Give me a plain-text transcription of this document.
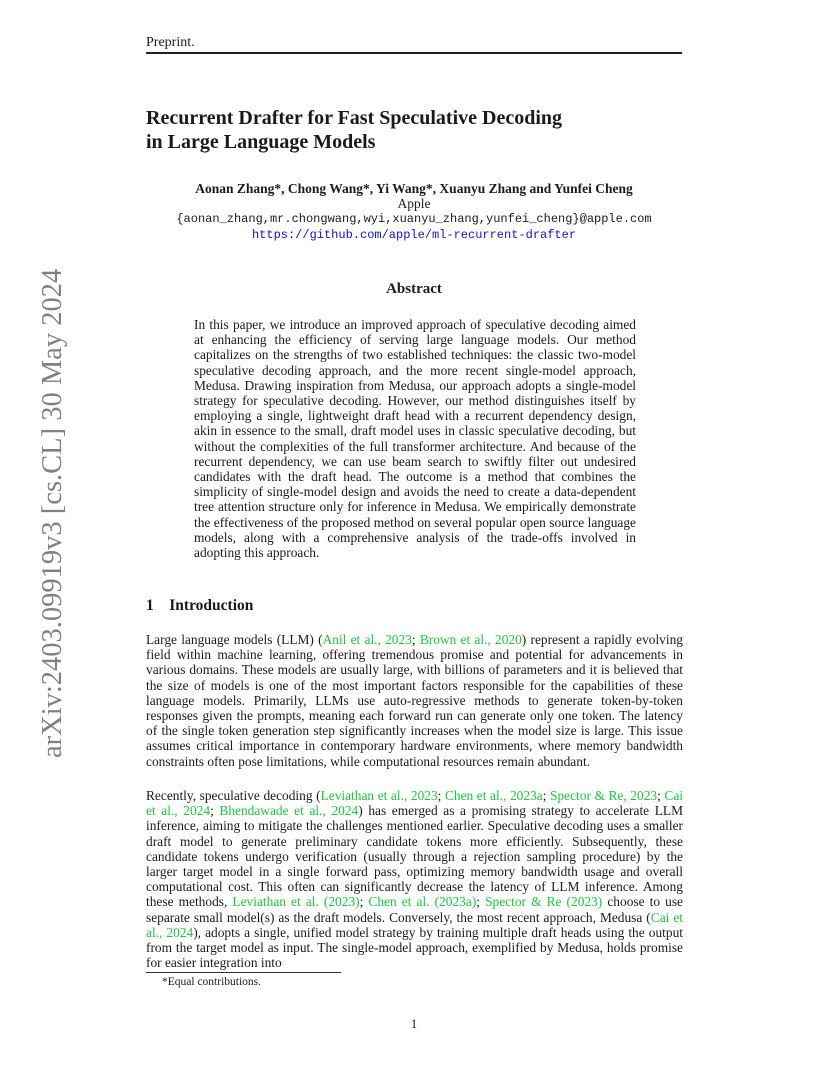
Preprint.
arXiv:2403.09919v3 [cs.CL] 30 May 2024
Recurrent Drafter for Fast Speculative Decoding
in Large Language Models
Aonan Zhang*, Chong Wang*, Yi Wang*, Xuanyu Zhang and Yunfei Cheng
Apple
{aonan_zhang,mr.chongwang,wyi,xuanyu_zhang,yunfei_cheng}@apple.com
https://github.com/apple/ml-recurrent-drafter
Abstract
In this paper, we introduce an improved approach of speculative decoding aimed at enhancing the efficiency of serving large language models. Our method capitalizes on the strengths of two established techniques: the classic two-model speculative decoding approach, and the more recent single-model approach, Medusa. Drawing inspiration from Medusa, our approach adopts a single-model strategy for speculative decoding. However, our method distinguishes itself by employing a single, lightweight draft head with a recurrent dependency design, akin in essence to the small, draft model uses in classic speculative decoding, but without the complexities of the full transformer architecture. And because of the recurrent dependency, we can use beam search to swiftly filter out undesired candidates with the draft head. The outcome is a method that combines the simplicity of single-model design and avoids the need to create a data-dependent tree attention structure only for inference in Medusa. We empirically demonstrate the effectiveness of the proposed method on several popular open source language models, along with a comprehensive analysis of the trade-offs involved in adopting this approach.
1 Introduction
Large language models (LLM) (Anil et al., 2023; Brown et al., 2020) represent a rapidly evolving field within machine learning, offering tremendous promise and potential for advancements in various domains. These models are usually large, with billions of parameters and it is believed that the size of models is one of the most important factors responsible for the capabilities of these language models. Primarily, LLMs use auto-regressive methods to generate token-by-token responses given the prompts, meaning each forward run can generate only one token. The latency of the single token generation step significantly increases when the model size is large. This issue assumes critical importance in contemporary hardware environments, where memory bandwidth constraints often pose limitations, while computational resources remain abundant.
Recently, speculative decoding (Leviathan et al., 2023; Chen et al., 2023a; Spector & Re, 2023; Cai et al., 2024; Bhendawade et al., 2024) has emerged as a promising strategy to accelerate LLM inference, aiming to mitigate the challenges mentioned earlier. Speculative decoding uses a smaller draft model to generate preliminary candidate tokens more efficiently. Subsequently, these candidate tokens undergo verification (usually through a rejection sampling procedure) by the larger target model in a single forward pass, optimizing memory bandwidth usage and overall computational cost. This often can significantly decrease the latency of LLM inference. Among these methods, Leviathan et al. (2023); Chen et al. (2023a); Spector & Re (2023) choose to use separate small model(s) as the draft models. Conversely, the most recent approach, Medusa (Cai et al., 2024), adopts a single, unified model strategy by training multiple draft heads using the output from the target model as input. The single-model approach, exemplified by Medusa, holds promise for easier integration into
*Equal contributions.
1
